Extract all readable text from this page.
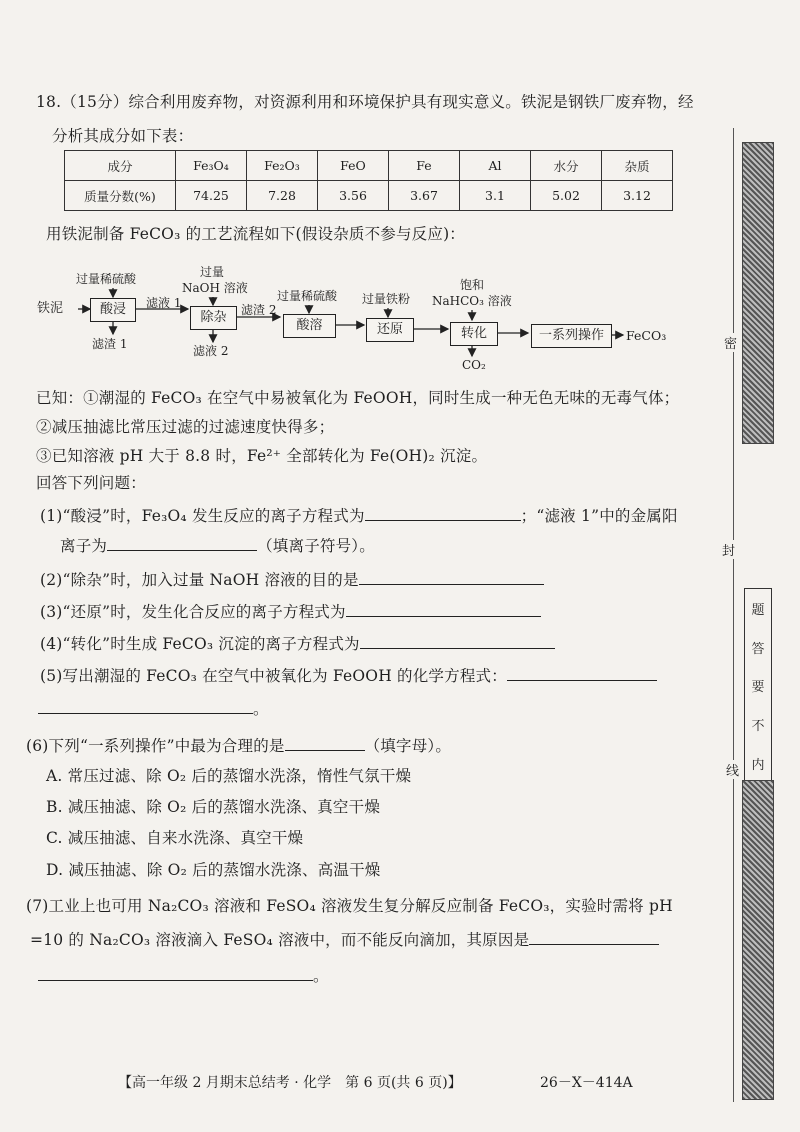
18.（15分）综合利用废弃物，对资源利用和环境保护具有现实意义。铁泥是钢铁厂废弃物，经
分析其成分如下表：
成分	Fe₃O₄	Fe₂O₃	FeO	Fe	Al	水分	杂质
质量分数(%)	74.25	7.28	3.56	3.67	3.1	5.02	3.12
用铁泥制备 FeCO₃ 的工艺流程如下(假设杂质不参与反应)：
铁泥	酸浸
除杂
酸溶	还原	转化	一系列操作	FeCO₃
过量稀硫酸	过量
NaOH 溶液
过量稀硫酸 过量铁粉
饱和
NaHCO₃ 溶液
滤液 1	滤渣 2
滤渣 1	滤液 2
CO₂
已知：①潮湿的 FeCO₃ 在空气中易被氧化为 FeOOH，同时生成一种无色无味的无毒气体；
②减压抽滤比常压过滤的过滤速度快得多；
③已知溶液 pH 大于 8.8 时，Fe²⁺ 全部转化为 Fe(OH)₂ 沉淀。
回答下列问题：
(1)“酸浸”时，Fe₃O₄ 发生反应的离子方程式为	；“滤液 1”中的金属阳
离子为	（填离子符号）。
(2)“除杂”时，加入过量 NaOH 溶液的目的是
(3)“还原”时，发生化合反应的离子方程式为
(4)“转化”时生成 FeCO₃ 沉淀的离子方程式为
(5)写出潮湿的 FeCO₃ 在空气中被氧化为 FeOOH 的化学方程式：
。
(6)下列“一系列操作”中最为合理的是	（填字母）。
A. 常压过滤、除 O₂ 后的蒸馏水洗涤，惰性气氛干燥
B. 减压抽滤、除 O₂ 后的蒸馏水洗涤、真空干燥
C. 减压抽滤、自来水洗涤、真空干燥
D. 减压抽滤、除 O₂ 后的蒸馏水洗涤、高温干燥
(7)工业上也可用 Na₂CO₃ 溶液和 FeSO₄ 溶液发生复分解反应制备 FeCO₃，实验时需将 pH
=10 的 Na₂CO₃ 溶液滴入 FeSO₄ 溶液中，而不能反向滴加，其原因是
。
密
封
题
答
要
不
内
线
【高一年级 2 月期末总结考 · 化学　第 6 页(共 6 页)】	26－X－414A
